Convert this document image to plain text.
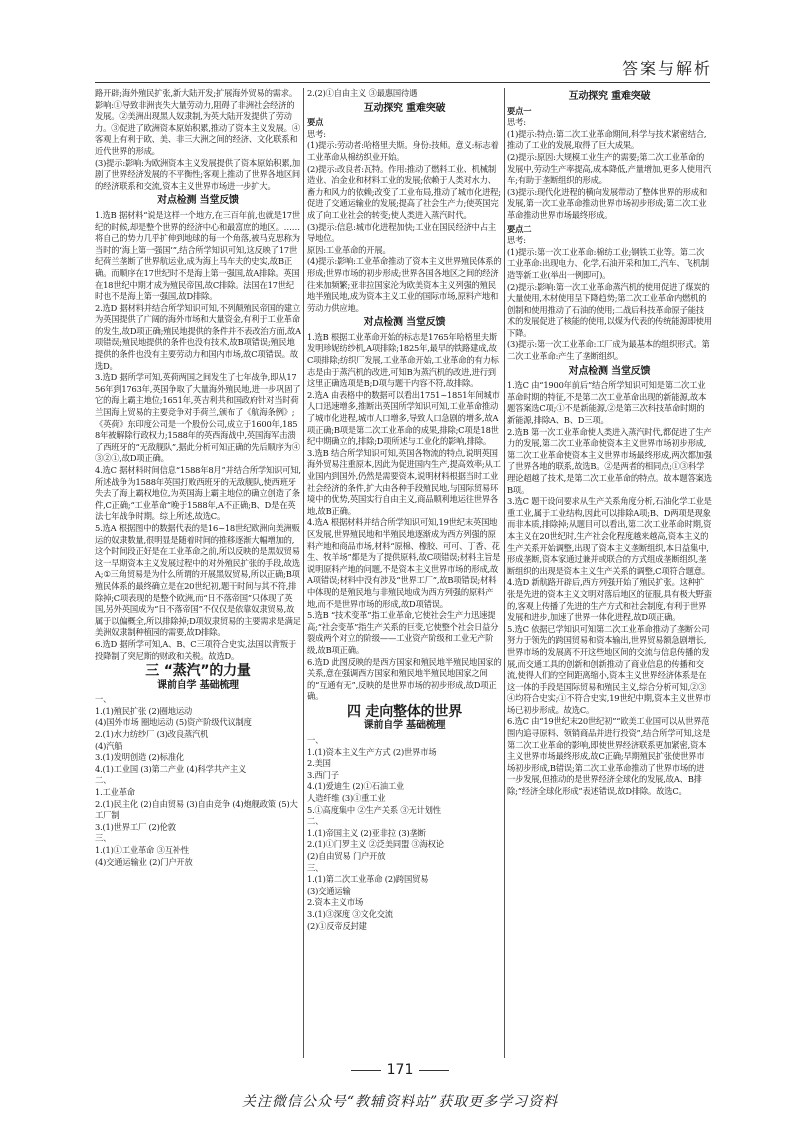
答案与解析
路开辟;海外殖民扩张,新大陆开发;扩展海外贸易的需求。
影响:①导致非洲丧失大量劳动力,阻碍了非洲社会经济的发展。②美洲出现黑人奴隶制,为英大陆开发提供了劳动力。③促进了欧洲资本原始积累,推动了资本主义发展。④客观上有利于欧、美、非三大洲之间的经济、文化联系和近代世界的形成。
(3)提示:影响:为欧洲资本主义发展提供了资本原始积累,加剧了世界经济发展的不平衡性;客观上推动了世界各地区间的经济联系和交流,资本主义世界市场进一步扩大。
对点检测 当堂反馈
1.选B 据材料“说是这样一个地方,在三百年前,也就是17世纪的时候,却是整个世界的经济中心和最富庶的地区。……将自己的势力几乎扩伸到地球的每一个角落,被马克思称为当时的‘海上第一强国’”,结合所学知识可知,这反映了17世纪荷兰垄断了世界航运业,成为海上马车夫的史实,故B正确。而顺序在17世纪时不是海上第一强国,故A排除。英国在18世纪中期才成为殖民帝国,故C排除。法国在17世纪时也不是海上第一强国,故D排除。
2.选D 据材料并结合所学知识可知,不列颠殖民帝国的建立为英国提供了广阔的海外市场和大量资金,有利于工业革命的发生,故D项正确;殖民地提供的条件并不表改治方面,故A项错误;殖民地提供的条件也没有技术,故B项错误;殖民地提供的条件也没有主要劳动力和国内市场,故C项错误。故选D。
3.选D 据所学可知,英荷两国之间发生了七年战争,即从1756年到1763年,英国争取了大量海外殖民地,进一步巩固了它的海上霸主地位;1651年,英吉利共和国政府针对当时荷兰国海上贸易的主要竞争对手荷兰,颁布了《航海条例》;《英荷》东印度公司是一个股份公司,成立于1600年,1858年被解除行政权力;1588年的英西海战中,英国海军击溃了西班牙的“无敌舰队”,据此分析可知正确的先后顺序为④③②①,故D项正确。
4.选C 据材料时间信息“1588年8月”并结合所学知识可知,所述战争为1588年英国打败西班牙的无敌舰队,使西班牙失去了海上霸权地位,为英国海上霸主地位的确立创造了条件,C正确;“工业革命”晚于1588年,A不正确;B、D是在英法七年战争时期。综上所述,故选C。
5.选A 根据图中的数据代表的是16~18世纪欧洲向美洲贩运的奴隶数量,很明显是随着时间的推移逐渐大幅增加的,这个时间段正好是在工业革命之前,所以反映的是黑奴贸易这一早期资本主义发展过程中的对外殖民扩张的手段,故选A;①三角贸易是为什么所谓的开展黑奴贸易,所以正确;B项殖民体系的最终确立是在20世纪初,题干时间与其不符,排除掉;C项表现的是整个欧洲,而“日不落帝国”只体现了英国,另外英国成为“日不落帝国”不仅仅是依靠奴隶贸易,故属于以偏概全,所以排除掉;D项奴隶贸易的主要需求是满足美洲奴隶制种植园的需要,故D排除。
6.选D 据所学可知,A、B、C三项符合史实,法国以背叛于投降制了突尼斯的财政和关税。故选D。
三 “蒸汽”的力量
课前自学 基础梳理
一、
1.(1)殖民扩张 (2)圈地运动
(4)国外市场 圈地运动 (5)资产阶级代议制度
2.(1)水力纺纱厂 (3)改良蒸汽机
(4)汽船
3.(1)发明创造 (2)标准化
4.(1)工业国 (3)第二产业 (4)科学共产主义
二、
1.工业革命
2.(1)民主化 (2)自由贸易 (3)自由竞争 (4)炮舰政策 (5)大工厂制
3.(1)世界工厂 (2)伦敦
三、
1.(1)①工业革命 ③互补性
(4)交通运输业 (2)门户开放
2.(2)①自由主义 ③最惠国待遇
互动探究 重难突破
要点
思考:
(1)提示:劳动者:哈格里夫斯。身份:技师。意义:标志着工业革命从棉纺织业开始。
(2)提示:改良者:瓦特。作用:推动了燃料工业、机械制造业、冶金业和材料工业的发展;依赖于人类对水力、畜力和风力的依赖;改变了工业布局,推动了城市化进程;促进了交通运输业的发展;提高了社会生产力;使英国完成了向工业社会的转变;使人类进入蒸汽时代。
(3)提示:信息:城市化进程加快;工业在国民经济中占主导地位。
原因:工业革命的开展。
(4)提示:影响:工业革命推动了资本主义世界殖民体系的形成;世界市场的初步形成;世界各国各地区之间的经济往来加频繁;亚非拉国家沦为欧美资本主义列强的殖民地半殖民地,成为资本主义工业的国际市场,原料产地和劳动力供应地。
对点检测 当堂反馈
1.选B 根据工业革命开始的标志是1765年哈格里夫斯发明珍妮纺纱机,A项排除;1825年,最早的铁路建成,故C项排除;纺织厂发展,工业革命开始,工业革命的有力标志是由于蒸汽机的改进,可知B为蒸汽机的改进,进行到这里正确选项是B;D项与题干内容不符,故排除。
2.选A 由表格中的数据可以看出1751~1851年间城市人口迅速增多,推断出英国所学知识可知,工业革命推动了城市化进程,城市人口增多,导致人口急剧的增多,故A项正确;B项是第二次工业革命的成果,排除;C项是18世纪中期确立的,排除;D项所述与工业化的影响,排除。
3.选B 结合所学知识可知,英国各物流的特点,说明英国海外贸易注重原本,因此为促进国内生产,提高效率;从工业国内到国外,仍然是需要资本,说明材料根据当时工业社会经济的条件,扩大由各种手段殖民地,与国际贸易环境中的优势,英国实行自由主义,商品顺利地运往世界各地,故B正确。
4.选A 根据材料并结合所学知识可知,19世纪末英国地区发展,世界殖民地和半殖民地逐渐成为西方列强的原料产地和商品市场,材料“原棉、橡胶、可可、丁香、花生、牧羊场”都是为了提供原料,故C项错误;材料主旨是说明原料产地的问题,不是资本主义世界市场的形成,故A项错误;材料中没有涉及“世界工厂”,故B项错误;材料中体现的是殖民地与非殖民地成为西方列强的原料产地,而不是世界市场的形成,故D项错误。
5.选B “技术变革”指工业革命,它使社会生产力迅速提高;“社会变革”指生产关系的巨变,它使整个社会日益分裂成两个对立的阶级——工业资产阶级和工业无产阶级,故B项正确。
6.选D 此图反映的是西方国家和殖民地半殖民地国家的关系,意在强调西方国家和殖民地半殖民地国家之间的“互通有无”,反映的是世界市场的初步形成,故D项正确。
四 走向整体的世界
课前自学 基础梳理
一、
1.(1)资本主义生产方式 (2)世界市场
2.美国
3.西门子
4.(1)爱迪生 (2)①石油工业
人造纤维 (3)①重工业
5.①高度集中 ②生产关系 ③无计划性
二、
1.(1)帝国主义 (2)亚非拉 (3)垄断
2.(1)①门罗主义 ②泛美同盟 ③海权论
(2)自由贸易 门户开放
三、
1.(1)第二次工业革命 (2)跨国贸易
(3)交通运输
2.资本主义市场
3.(1)③深度 ③文化交流
(2)①反帝反封建
互动探究 重难突破
要点一
思考:
(1)提示:特点:第二次工业革命期间,科学与技术紧密结合,推动了工业的发展,取得了巨大成果。
(2)提示:原因:大规模工业生产的需要;第二次工业革命的发展中,劳动生产率提高,成本降低,产量增加,更多人使用汽车;有助于垄断组织的形成。
(3)提示:现代化进程的横向发展带动了整体世界的形成和发展,第一次工业革命推动世界市场初步形成;第二次工业革命推动世界市场最终形成。
要点二
思考:
(1)提示:第一次工业革命:棉纺工业;钢铁工业等。第二次工业革命:出现电力、化学,石油开采和加工,汽车、飞机制造等新工业(举出一例即可)。
(2)提示:影响:第一次工业革命蒸汽机的使用促进了煤炭的大量使用,木材使用呈下降趋势;第二次工业革命内燃机的创制和使用推动了石油的使用;二战后科技革命原子能技术的发展促进了核能的使用,以煤为代表的传统能源即使用下降。
(3)提示:第一次工业革命:工厂成为最基本的组织形式。第二次工业革命:产生了垄断组织。
对点检测 当堂反馈
1.选C 由“1900年前后”结合所学知识可知是第二次工业革命时期的特征,不是第二次工业革命出现的新能源,故本题答案选C项;①不是新能源,②是第三次科技革命时期的新能源,排除A、B、D三项。
2.选B 第一次工业革命使人类进入蒸汽时代,都促进了生产力的发展,第二次工业革命使资本主义世界市场初步形成,第二次工业革命使资本主义世界市场最终形成,两次都加强了世界各地的联系,故选B。②是两者的相同点;①③科学理论超越了技术,是第二次工业革命的特点。故本题答案选B项。
3.选C 题干设问要求从生产关系角度分析,石油化学工业是重工业,属于工业结构,因此可以排除A项;B、D两项是现象而非本质,排除掉;从题目可以看出,第二次工业革命时期,资本主义在20世纪时,生产社会化程度越来越高,资本主义的生产关系开始调整,出现了资本主义垄断组织,本日益集中,形成垄断,资本家通过兼并或联合的方式组成垄断组织,垄断组织的出现是资本主义生产关系的调整,C项符合题意。
4.选D 新航路开辟后,西方列强开始了殖民扩张。这种扩张是先进的资本主义文明对落后地区的征服,具有极大野蛮的,客观上传播了先进的生产方式和社会制度,有利于世界发展和进步,加速了世界一体化进程,故D项正确。
5.选C 依据已学知识可知第二次工业革命推动了垄断公司努力于领先的跨国贸易和资本输出,世界贸易额急剧增长,世界市场的发展离不开这些地区间的交流与信息传播的发展,而交通工具的创新和创新推动了商业信息的传播和交流,使得人们的空间距离缩小,资本主义世界经济体系是在这一体的手段是国际贸易和殖民主义,综合分析可知,②③④均符合史实;①不符合史实,19世纪中期,资本主义世界市场已初步形成。故选C。
6.选C 由“19世纪末20世纪初”“欧美工业国可以从世界范围内追寻原料、领销商品并进行投资”,结合所学可知,这是第二次工业革命的影响,即使世界经济联系更加紧密,资本主义世界市场最终形成,故C正确;早期殖民扩张使世界市场初步形成,B错误;第二次工业革命推动了世界市场的进一步发展,但推动的是世界经济全球化的发展,故A、B排除;“经济全球化形成”表述错误,故D排除。故选C。
171
关注微信公众号“教辅资料站”获取更多学习资料
